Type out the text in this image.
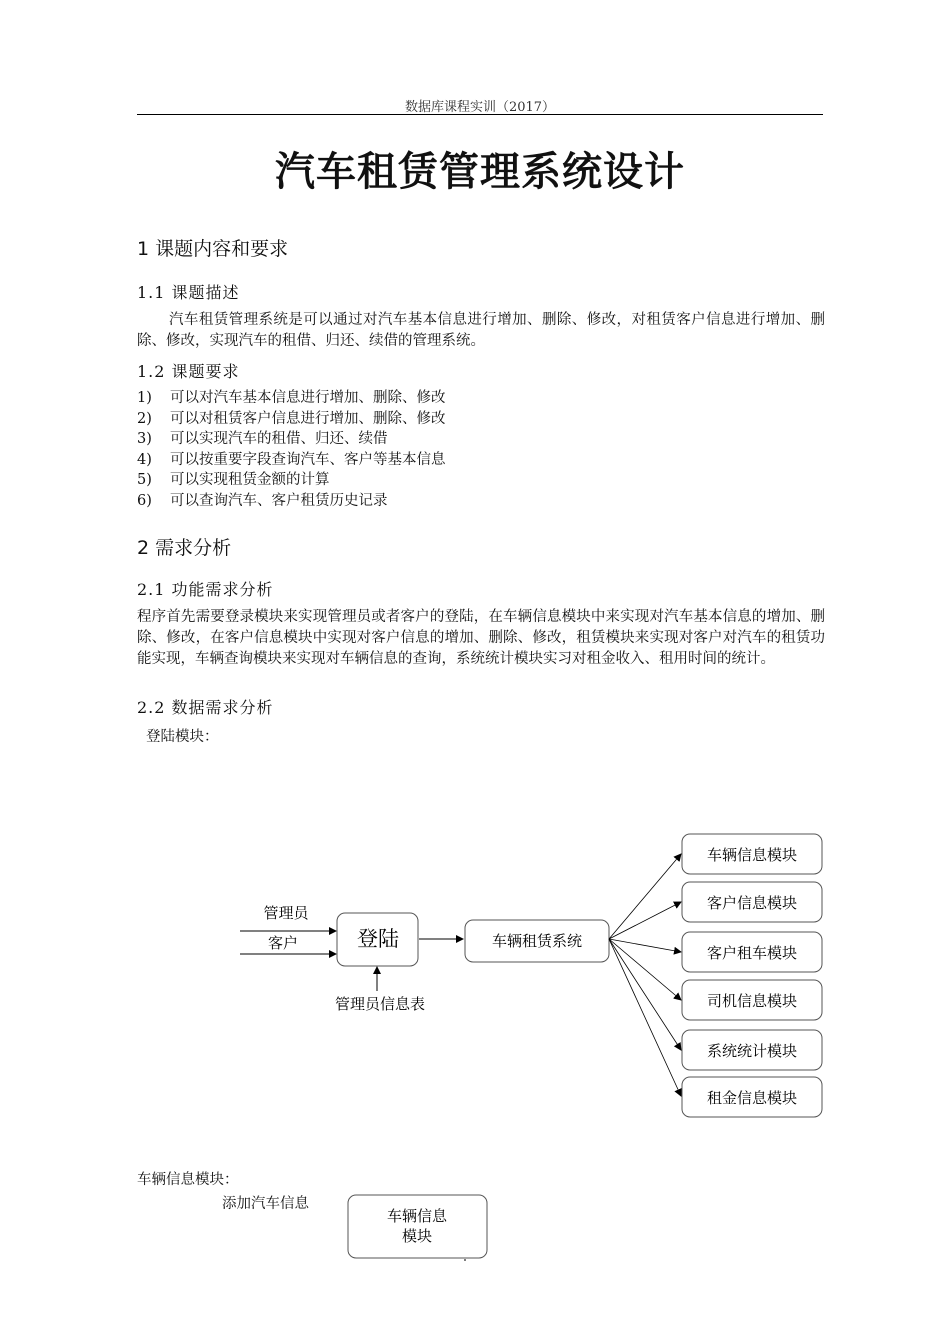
数据库课程实训（2017）
汽车租赁管理系统设计
1 课题内容和要求
1.1 课题描述
汽车租赁管理系统是可以通过对汽车基本信息进行增加、删除、修改，对租赁客户信息进行增加、删除、修改，实现汽车的租借、归还、续借的管理系统。
1.2 课题要求
1)	可以对汽车基本信息进行增加、删除、修改
2)	可以对租赁客户信息进行增加、删除、修改
3)	可以实现汽车的租借、归还、续借
4)	可以按重要字段查询汽车、客户等基本信息
5)	可以实现租赁金额的计算
6)	可以查询汽车、客户租赁历史记录
2 需求分析
2.1 功能需求分析
程序首先需要登录模块来实现管理员或者客户的登陆，在车辆信息模块中来实现对汽车基本信息的增加、删除、修改，在客户信息模块中实现对客户信息的增加、删除、修改，租赁模块来实现对客户对汽车的租赁功能实现，车辆查询模块来实现对车辆信息的查询，系统统计模块实习对租金收入、租用时间的统计。
2.2 数据需求分析
登陆模块：
管理员
客户	登陆
管理员信息表
车辆租赁系统
车辆信息模块
客户信息模块
客户租车模块
司机信息模块
系统统计模块
租金信息模块
车辆信息
模块
车辆信息模块：
添加汽车信息
